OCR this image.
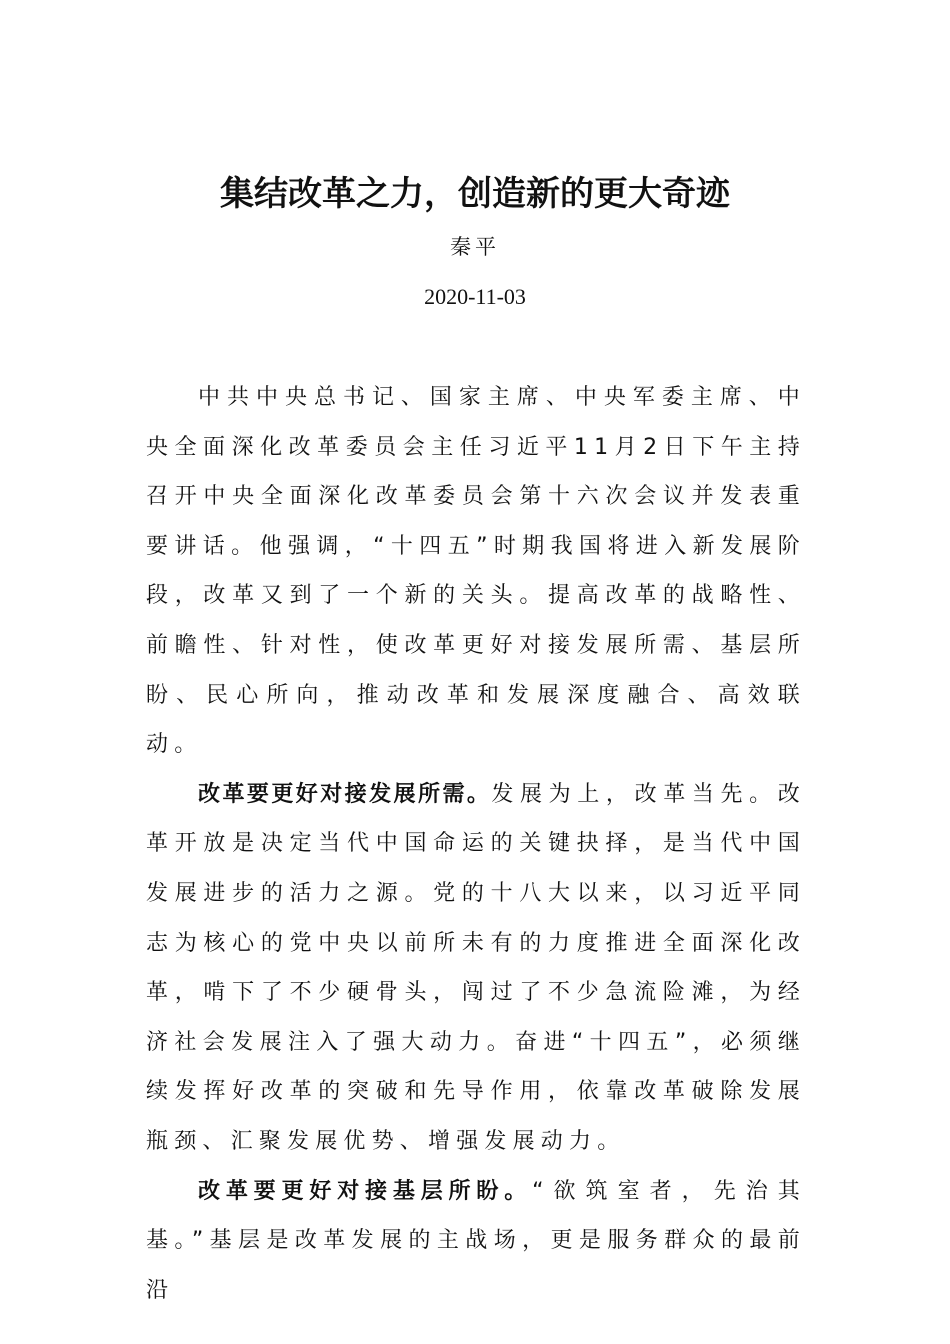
集结改革之力，创造新的更大奇迹
秦平
2020-11-03

中共中央总书记、国家主席、中央军委主席、中央全面深化改革委员会主任习近平11月2日下午主持召开中央全面深化改革委员会第十六次会议并发表重要讲话。他强调，“十四五”时期我国将进入新发展阶段，改革又到了一个新的关头。提高改革的战略性、前瞻性、针对性，使改革更好对接发展所需、基层所盼、民心所向，推动改革和发展深度融合、高效联动。

改革要更好对接发展所需。发展为上，改革当先。改革开放是决定当代中国命运的关键抉择，是当代中国发展进步的活力之源。党的十八大以来，以习近平同志为核心的党中央以前所未有的力度推进全面深化改革，啃下了不少硬骨头，闯过了不少急流险滩，为经济社会发展注入了强大动力。奋进“十四五”，必须继续发挥好改革的突破和先导作用，依靠改革破除发展瓶颈、汇聚发展优势、增强发展动力。

改革要更好对接基层所盼。“欲筑室者，先治其基。”基层是改革发展的主战场，更是服务群众的最前沿
